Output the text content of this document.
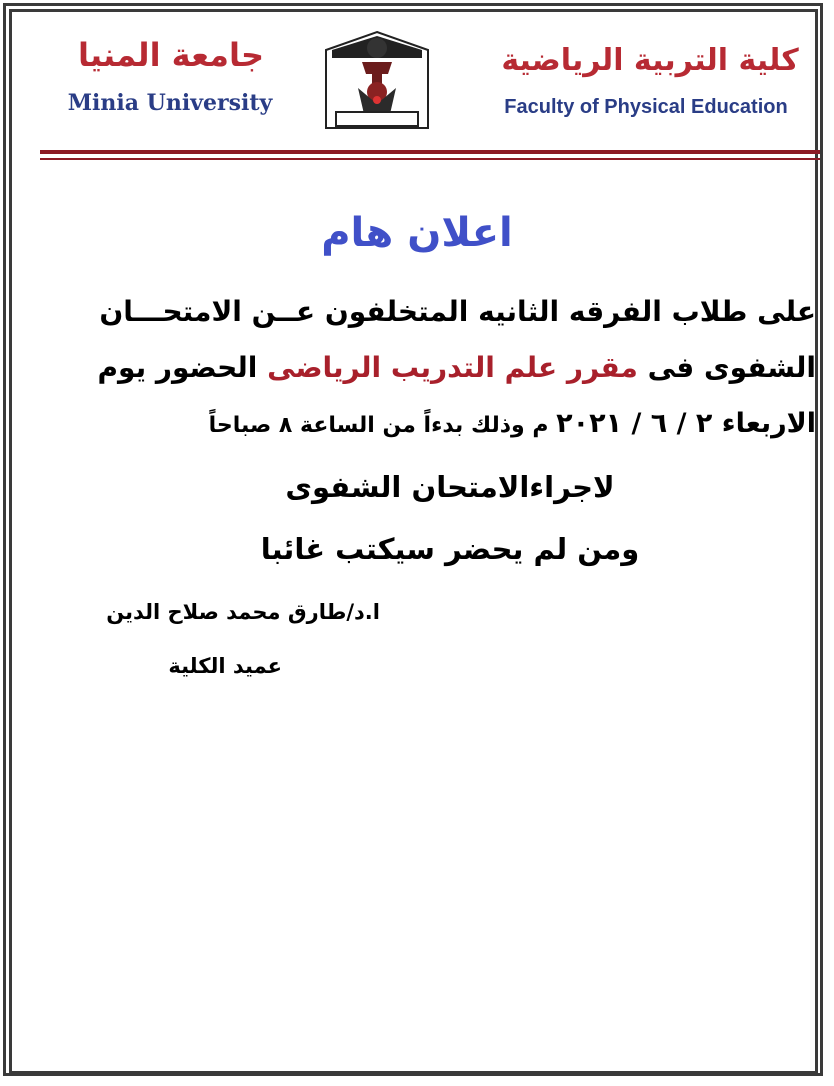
جامعة المنيا
Minia University
كلية التربية الرياضية
Faculty of Physical Education
اعلان هام
على طلاب الفرقه الثانيه المتخلفون عــن الامتحـــان
الشفوى فى مقرر علم التدريب الرياضى الحضور يوم
الاربعاء ٢ / ٦ / ٢٠٢١ م وذلك بدءاً من الساعة ٨ صباحاً
لاجراءالامتحان الشفوى
ومن لم يحضر سيكتب غائبا
ا.د/طارق محمد صلاح الدين
عميد الكلية
